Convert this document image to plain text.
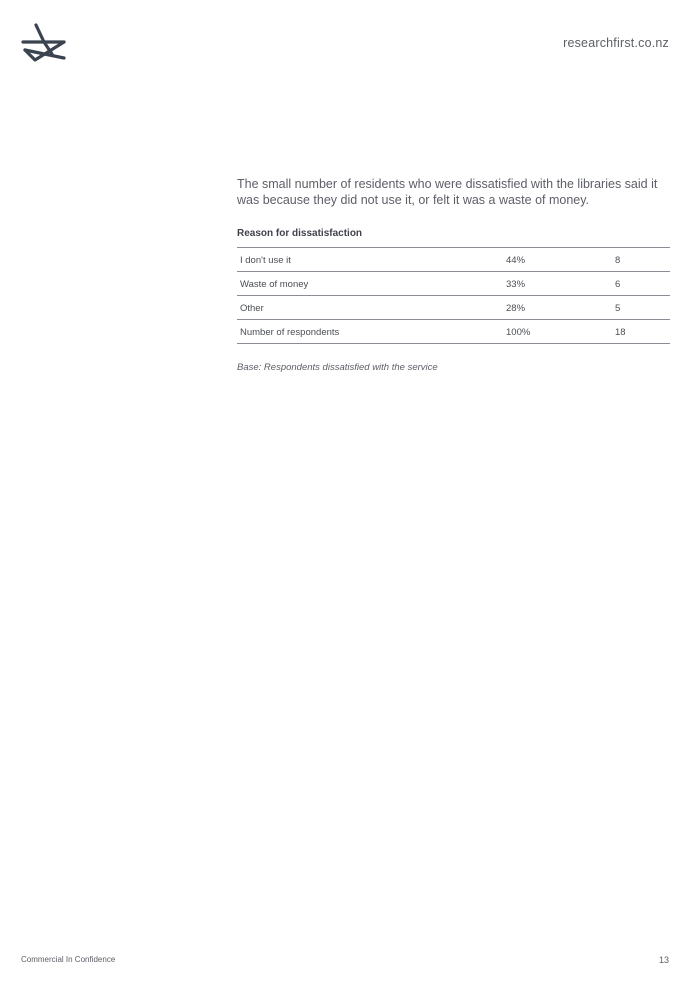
researchfirst.co.nz

The small number of residents who were dissatisfied with the libraries said it was because they did not use it, or felt it was a waste of money.

Reason for dissatisfaction
I don't use it	44%	8
Waste of money	33%	6
Other	28%	5
Number of respondents	100%	18

Base: Respondents dissatisfied with the service

Commercial In Confidence	13
